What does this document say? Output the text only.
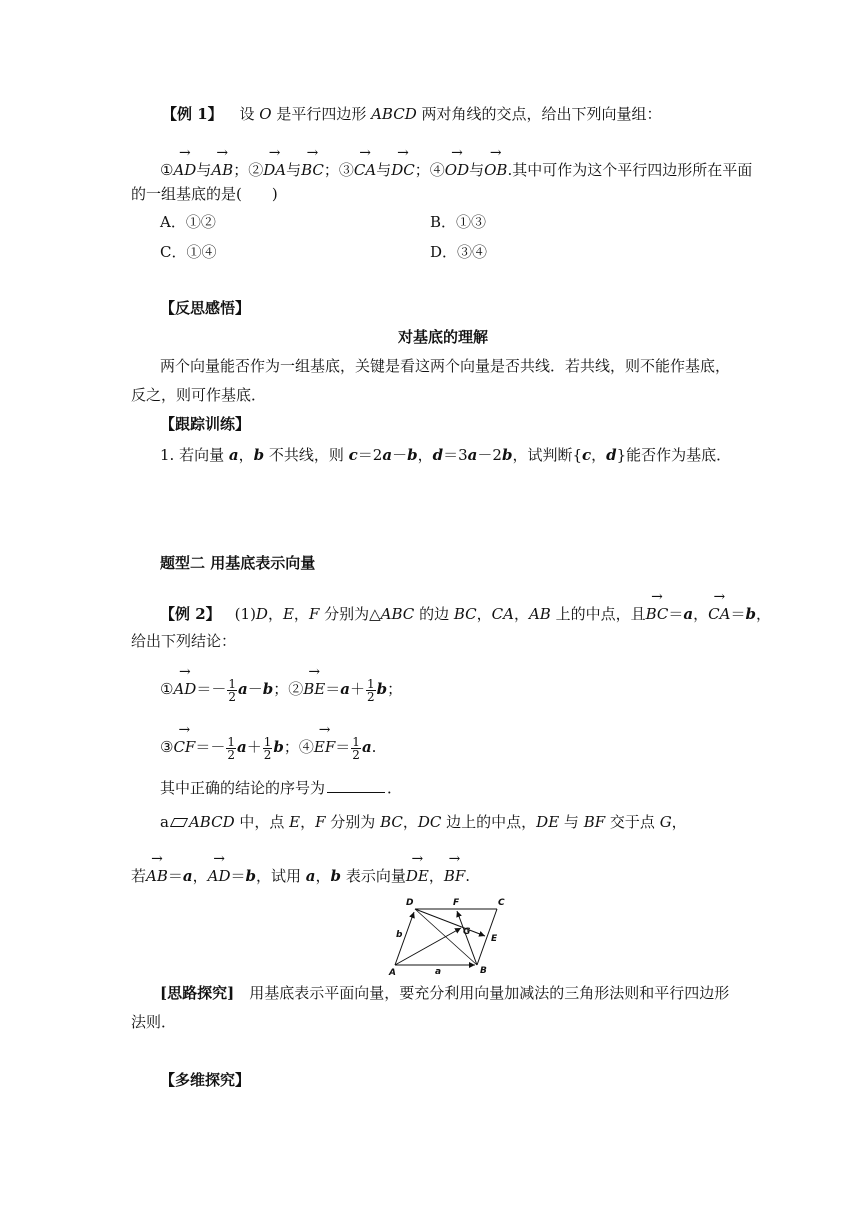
【例 1】 设 O 是平行四边形 ABCD 两对角线的交点，给出下列向量组：
①→ AD与→ AB；②→ DA与→ BC；③→ CA与→ DC；④→ OD与→ OB.其中可作为这个平行四边形所在平面
的一组基底的是(　　)
A．①②	B．①③
C．①④	D．③④
【反思感悟】
对基底的理解
两个向量能否作为一组基底，关键是看这两个向量是否共线．若共线，则不能作基底，
反之，则可作基底．
【跟踪训练】
1. 若向量 a，b 不共线，则 c＝2a－b，d＝3a－2b，试判断{c，d}能否作为基底．
题型二 用基底表示向量
【例 2】 (1)D，E，F 分别为△ABC 的边 BC，CA，AB 上的中点，且→ BC＝a，→ CA＝b，
给出下列结论：
①→ $AD=- \frac{1}{2} a-b$；②→ $BE=a+ \frac{1}{2}$ b；
③→ $CF=- \frac{1}{2} a+ \frac{1}{2}$ b；④→ $EF= \frac{1}{2} a$.
其中正确的结论的序号为	．
a ABCD 中，点 E，F 分别为 BC，DC 边上的中点，DE 与 BF 交于点 G，
若→ AB＝a，→ AD＝b，试用 a，b 表示向量→ DE，→ BF.
D	F	C
G
E
b
A	a	B
[思路探究]　用基底表示平面向量，要充分利用向量加减法的三角形法则和平行四边形
法则．
【多维探究】
